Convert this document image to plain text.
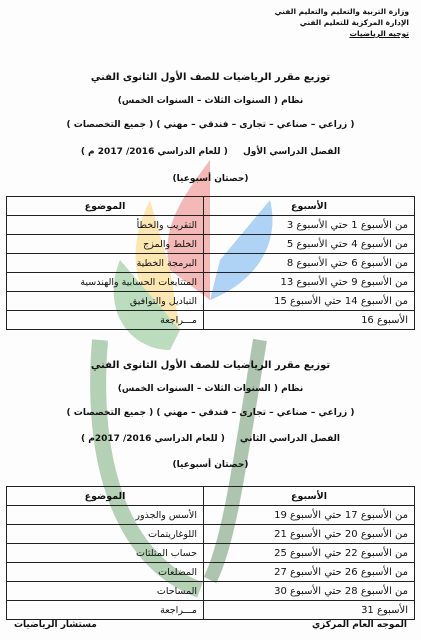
وزارة التربية والتعليم والتعليم الفني
الإدارة المركزية للتعليم الفني
توجيه الرياضيات
توزيع مقرر الرياضيات للصف الأول الثانوى الفني
نظام ( السنوات الثلاث – السنوات الخمس)
( زراعي – صناعي – تجارى – فندقي – مهني ) ( جميع التخصصات )
الفصل الدراسي الأول ( للعام الدراسي 2016/ 2017 م )
(حصتان أسبوعيا)
الأسبوع	الموضوع
من الأسبوع 1 حتي الأسبوع 3	التقريب والخطأ
من الأسبوع 4 حتي الأسبوع 5	الخلط والمزج
من الأسبوع 6 حتي الأسبوع 8	البرمجة الخطية
من الأسبوع 9 حتي الأسبوع 13	المتتابعات الحسابية والهندسية
من الأسبوع 14 حتي الأسبوع 15	التباديل والتوافيق
الأسبوع 16	مـــراجعة
توزيع مقرر الرياضيات للصف الأول الثانوى الفني
نظام ( السنوات الثلاث – السنوات الخمس)
( زراعي – صناعي – تجارى – فندقي – مهني ) ( جميع التخصصات )
الفصل الدراسي الثاني ( للعام الدراسي 2016/ 2017م )
(حصتان أسبوعيا)
الأسبوع	الموضوع
من الأسبوع 17 حتي الأسبوع 19	الأسس والجذور
من الأسبوع 20 حتي الأسبوع 21	اللوغاريتمات
من الأسبوع 22 حتي الأسبوع 25	حساب المثلثات
من الأسبوع 26 حتي الأسبوع 27	المضلعات
من الأسبوع 28 حتي الأسبوع 30	المساحات
الأسبوع 31	مـــراجعة
الموجه العام المركزي
مستشار الرياضيات
